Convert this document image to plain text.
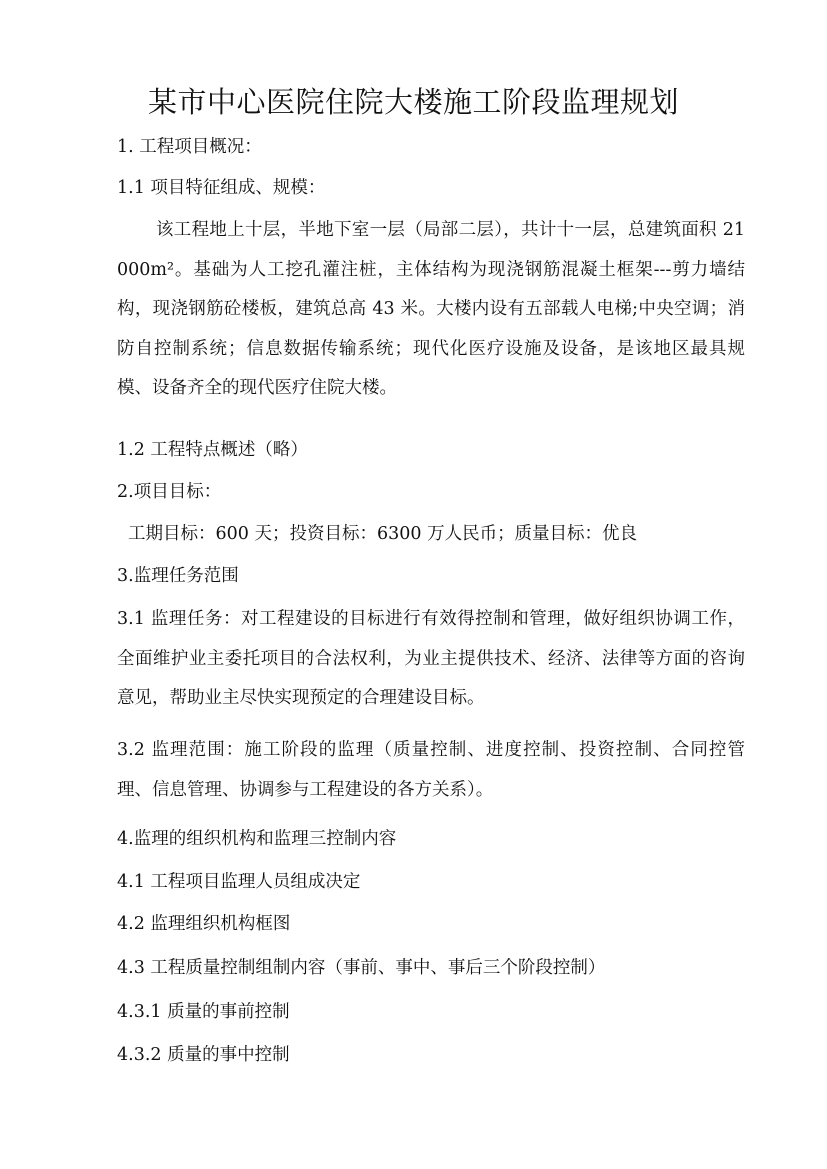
某市中心医院住院大楼施工阶段监理规划
1. 工程项目概况：
1.1 项目特征组成、规模：
该工程地上十层，半地下室一层（局部二层），共计十一层，总建筑面积 21000m²。基础为人工挖孔灌注桩，主体结构为现浇钢筋混凝土框架---剪力墙结构，现浇钢筋砼楼板，建筑总高 43 米。大楼内设有五部载人电梯;中央空调；消防自控制系统；信息数据传输系统；现代化医疗设施及设备，是该地区最具规模、设备齐全的现代医疗住院大楼。
1.2 工程特点概述（略）
2.项目目标：
工期目标：600 天；投资目标：6300 万人民币；质量目标：优良
3.监理任务范围
3.1 监理任务：对工程建设的目标进行有效得控制和管理，做好组织协调工作，全面维护业主委托项目的合法权利，为业主提供技术、经济、法律等方面的咨询意见，帮助业主尽快实现预定的合理建设目标。
3.2 监理范围：施工阶段的监理（质量控制、进度控制、投资控制、合同控管理、信息管理、协调参与工程建设的各方关系）。
4.监理的组织机构和监理三控制内容
4.1 工程项目监理人员组成决定
4.2 监理组织机构框图
4.3 工程质量控制组制内容（事前、事中、事后三个阶段控制）
4.3.1 质量的事前控制
4.3.2 质量的事中控制
